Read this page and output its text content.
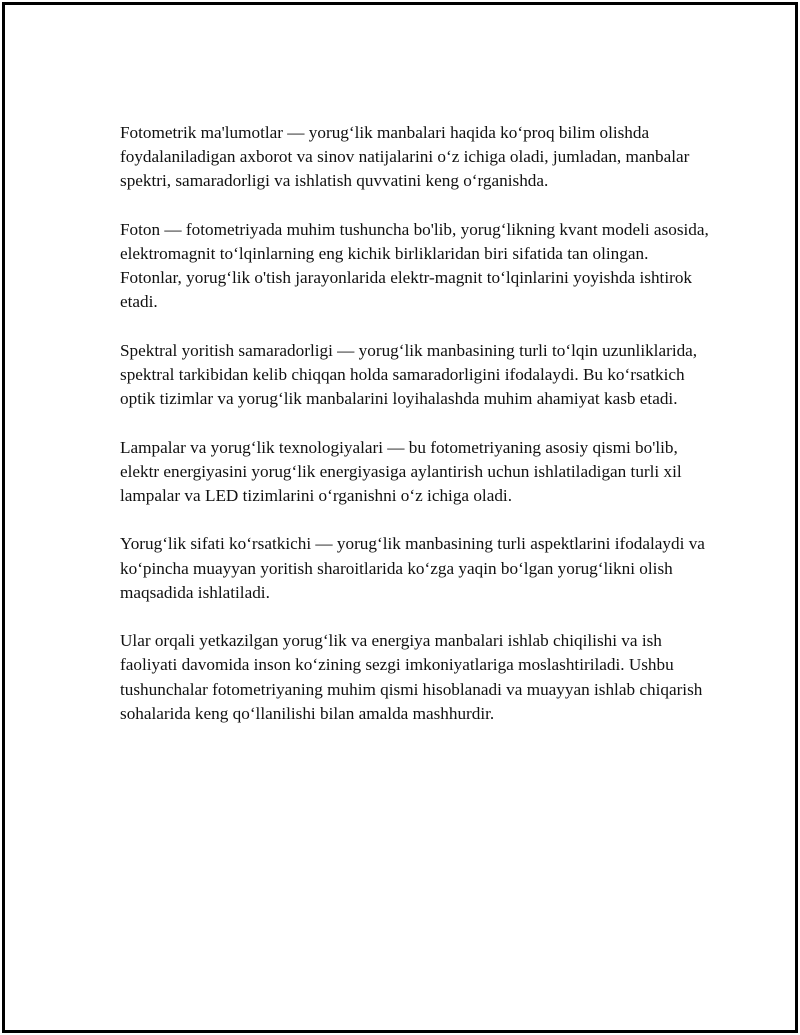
Fotometrik ma'lumotlar — yorug‘lik manbalari haqida ko‘proq bilim olishda foydalaniladigan axborot va sinov natijalarini o‘z ichiga oladi, jumladan, manbalar spektri, samaradorligi va ishlatish quvvatini keng o‘rganishda.

Foton — fotometriyada muhim tushuncha bo'lib, yorug‘likning kvant modeli asosida, elektromagnit to‘lqinlarning eng kichik birliklaridan biri sifatida tan olingan. Fotonlar, yorug‘lik o'tish jarayonlarida elektr-magnit to‘lqinlarini yoyishda ishtirok etadi.

Spektral yoritish samaradorligi — yorug‘lik manbasining turli to‘lqin uzunliklarida, spektral tarkibidan kelib chiqqan holda samaradorligini ifodalaydi. Bu ko‘rsatkich optik tizimlar va yorug‘lik manbalarini loyihalashda muhim ahamiyat kasb etadi.

Lampalar va yorug‘lik texnologiyalari — bu fotometriyaning asosiy qismi bo'lib, elektr energiyasini yorug‘lik energiyasiga aylantirish uchun ishlatiladigan turli xil lampalar va LED tizimlarini o‘rganishni o‘z ichiga oladi.

Yorug‘lik sifati ko‘rsatkichi — yorug‘lik manbasining turli aspektlarini ifodalaydi va ko‘pincha muayyan yoritish sharoitlarida ko‘zga yaqin bo‘lgan yorug‘likni olish maqsadida ishlatiladi.

Ular orqali yetkazilgan yorug‘lik va energiya manbalari ishlab chiqilishi va ish faoliyati davomida inson ko‘zining sezgi imkoniyatlariga moslashtiriladi. Ushbu tushunchalar fotometriyaning muhim qismi hisoblanadi va muayyan ishlab chiqarish sohalarida keng qo‘llanilishi bilan amalda mashhurdir.
